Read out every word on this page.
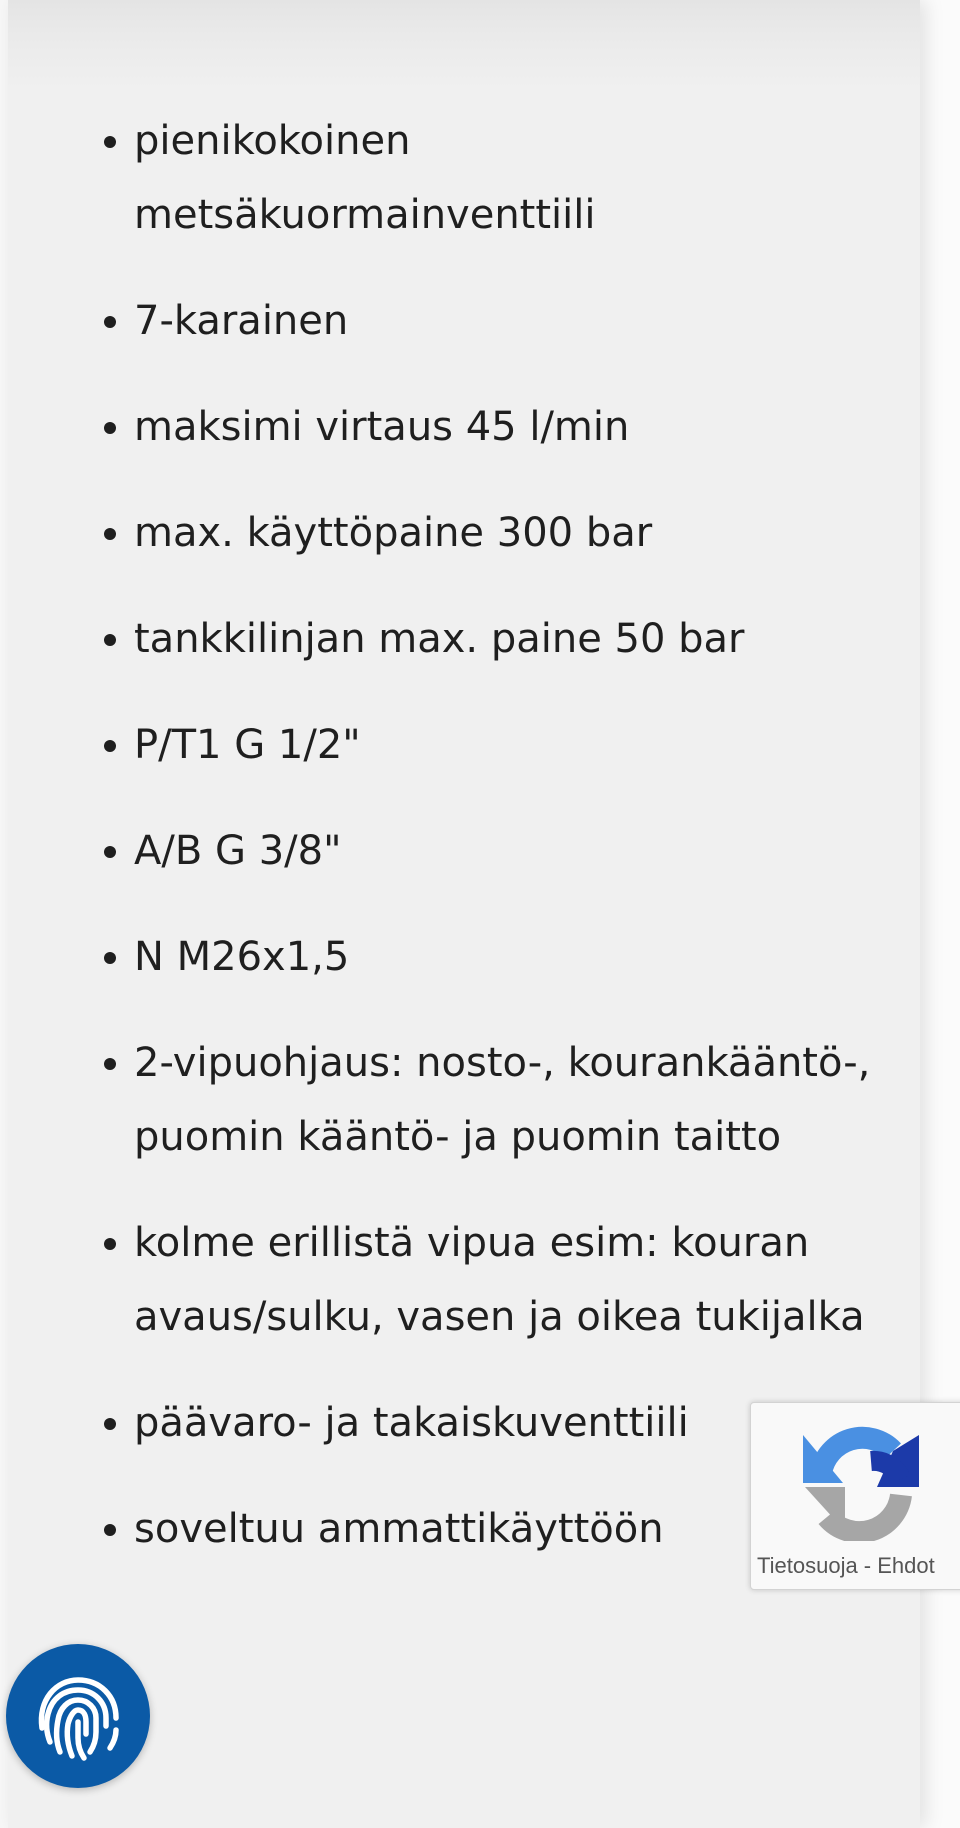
pienikokoinen metsäkuormainventtiili
7-karainen
maksimi virtaus 45 l/min
max. käyttöpaine 300 bar
tankkilinjan max. paine 50 bar
P/T1 G 1/2"
A/B G 3/8"
N M26x1,5
2-vipuohjaus: nosto-, kourankääntö-, puomin kääntö- ja puomin taitto
kolme erillistä vipua esim: kouran avaus/sulku, vasen ja oikea tukijalka
päävaro- ja takaiskuventtiili
soveltuu ammattikäyttöön
Tietosuoja - Ehdot
